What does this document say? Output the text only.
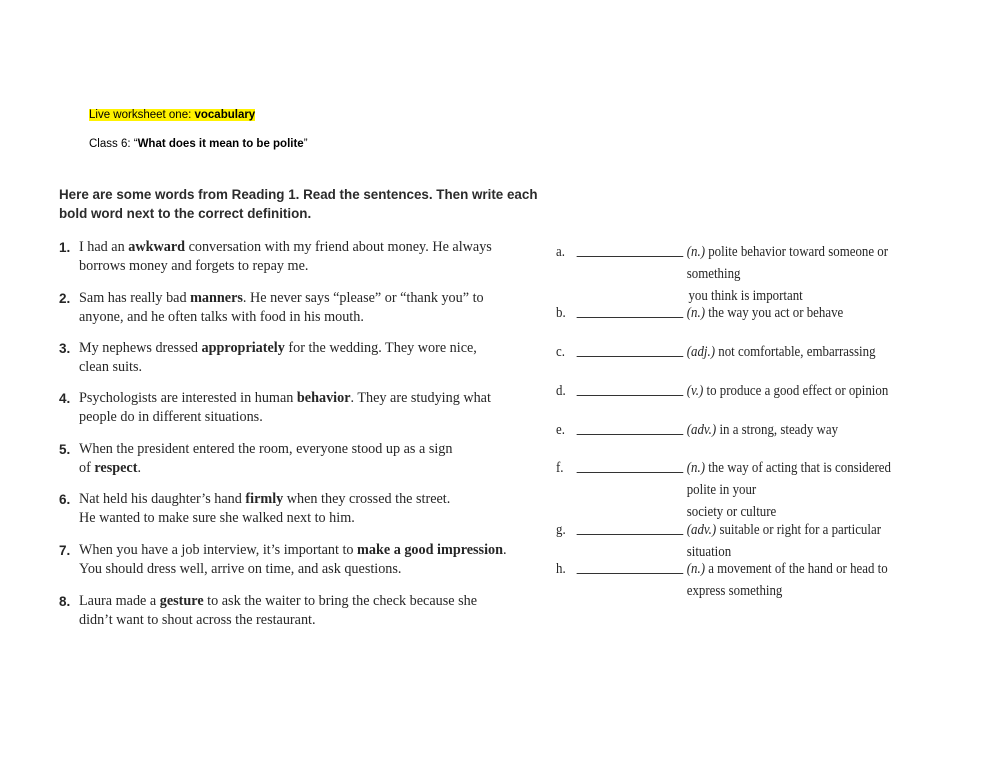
Live worksheet one: vocabulary
Class 6: “What does it mean to be polite”
Here are some words from Reading 1. Read the sentences. Then write each
bold word next to the correct definition.
1. I had an awkward conversation with my friend about money. He always
borrows money and forgets to repay me.
2. Sam has really bad manners. He never says “please” or “thank you” to
anyone, and he often talks with food in his mouth.
3. My nephews dressed appropriately for the wedding. They wore nice,
clean suits.
4. Psychologists are interested in human behavior. They are studying what
people do in different situations.
5. When the president entered the room, everyone stood up as a sign
of respect.
6. Nat held his daughter’s hand firmly when they crossed the street.
He wanted to make sure she walked next to him.
7. When you have a job interview, it’s important to make a good impression.
You should dress well, arrive on time, and ask questions.
8. Laura made a gesture to ask the waiter to bring the check because she
didn’t want to shout across the restaurant.
a.	(n.) polite behavior toward someone or something
you think is important
b.	(n.) the way you act or behave
c.	(adj.) not comfortable, embarrassing
d.	(v.) to produce a good effect or opinion
e.	(adv.) in a strong, steady way
f.	(n.) the way of acting that is considered polite in your
society or culture
g.	(adv.) suitable or right for a particular situation
h.	(n.) a movement of the hand or head to
express something
